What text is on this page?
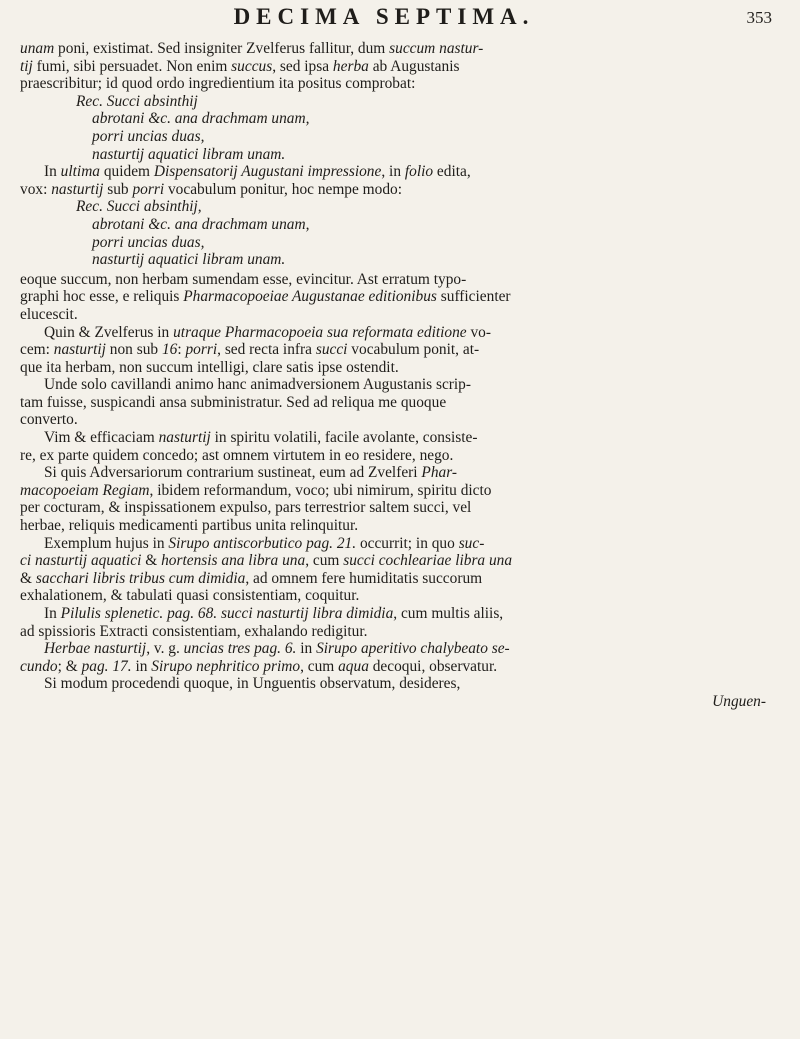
DECIMA SEPTIMA.	353
unam poni, existimat. Sed insigniter Zvelferus fallitur, dum succum nastur-
tij fumi, sibi persuadet. Non enim succus, sed ipsa herba ab Augustanis
praescribitur; id quod ordo ingredientium ita positus comprobat:
Rec. Succi absinthij
abrotani &c. ana drachmam unam,
porri uncias duas,
nasturtij aquatici libram unam.
In ultima quidem Dispensatorij Augustani impressione, in folio edita,
vox: nasturtij sub porri vocabulum ponitur, hoc nempe modo:
Rec. Succi absinthij,
abrotani &c. ana drachmam unam,
porri uncias duas,
nasturtij aquatici libram unam.
eoque succum, non herbam sumendam esse, evincitur. Ast erratum typo-
graphi hoc esse, e reliquis Pharmacopoeiae Augustanae editionibus sufficienter
elucescit.
Quin & Zvelferus in utraque Pharmacopoeia sua reformata editione vo-
cem: nasturtij non sub 16: porri, sed recta infra succi vocabulum ponit, at-
que ita herbam, non succum intelligi, clare satis ipse ostendit.
Unde solo cavillandi animo hanc animadversionem Augustanis scrip-
tam fuisse, suspicandi ansa subministratur. Sed ad reliqua me quoque
converto.
Vim & efficaciam nasturtij in spiritu volatili, facile avolante, consiste-
re, ex parte quidem concedo; ast omnem virtutem in eo residere, nego.
Si quis Adversariorum contrarium sustineat, eum ad Zvelferi Phar-
macopoeiam Regiam, ibidem reformandum, voco; ubi nimirum, spiritu dicto
per cocturam, & inspissationem expulso, pars terrestrior saltem succi, vel
herbae, reliquis medicamenti partibus unita relinquitur.
Exemplum hujus in Sirupo antiscorbutico pag. 21. occurrit; in quo suc-
ci nasturtij aquatici & hortensis ana libra una, cum succi cochleariae libra una
& sacchari libris tribus cum dimidia, ad omnem fere humiditatis succorum
exhalationem, & tabulati quasi consistentiam, coquitur.
In Pilulis splenetic. pag. 68. succi nasturtij libra dimidia, cum multis aliis,
ad spissioris Extracti consistentiam, exhalando redigitur.
Herbae nasturtij, v. g. uncias tres pag. 6. in Sirupo aperitivo chalybeato se-
cundo; & pag. 17. in Sirupo nephritico primo, cum aqua decoqui, observatur.
Si modum procedendi quoque, in Unguentis observatum, desideres,
Unguen-
